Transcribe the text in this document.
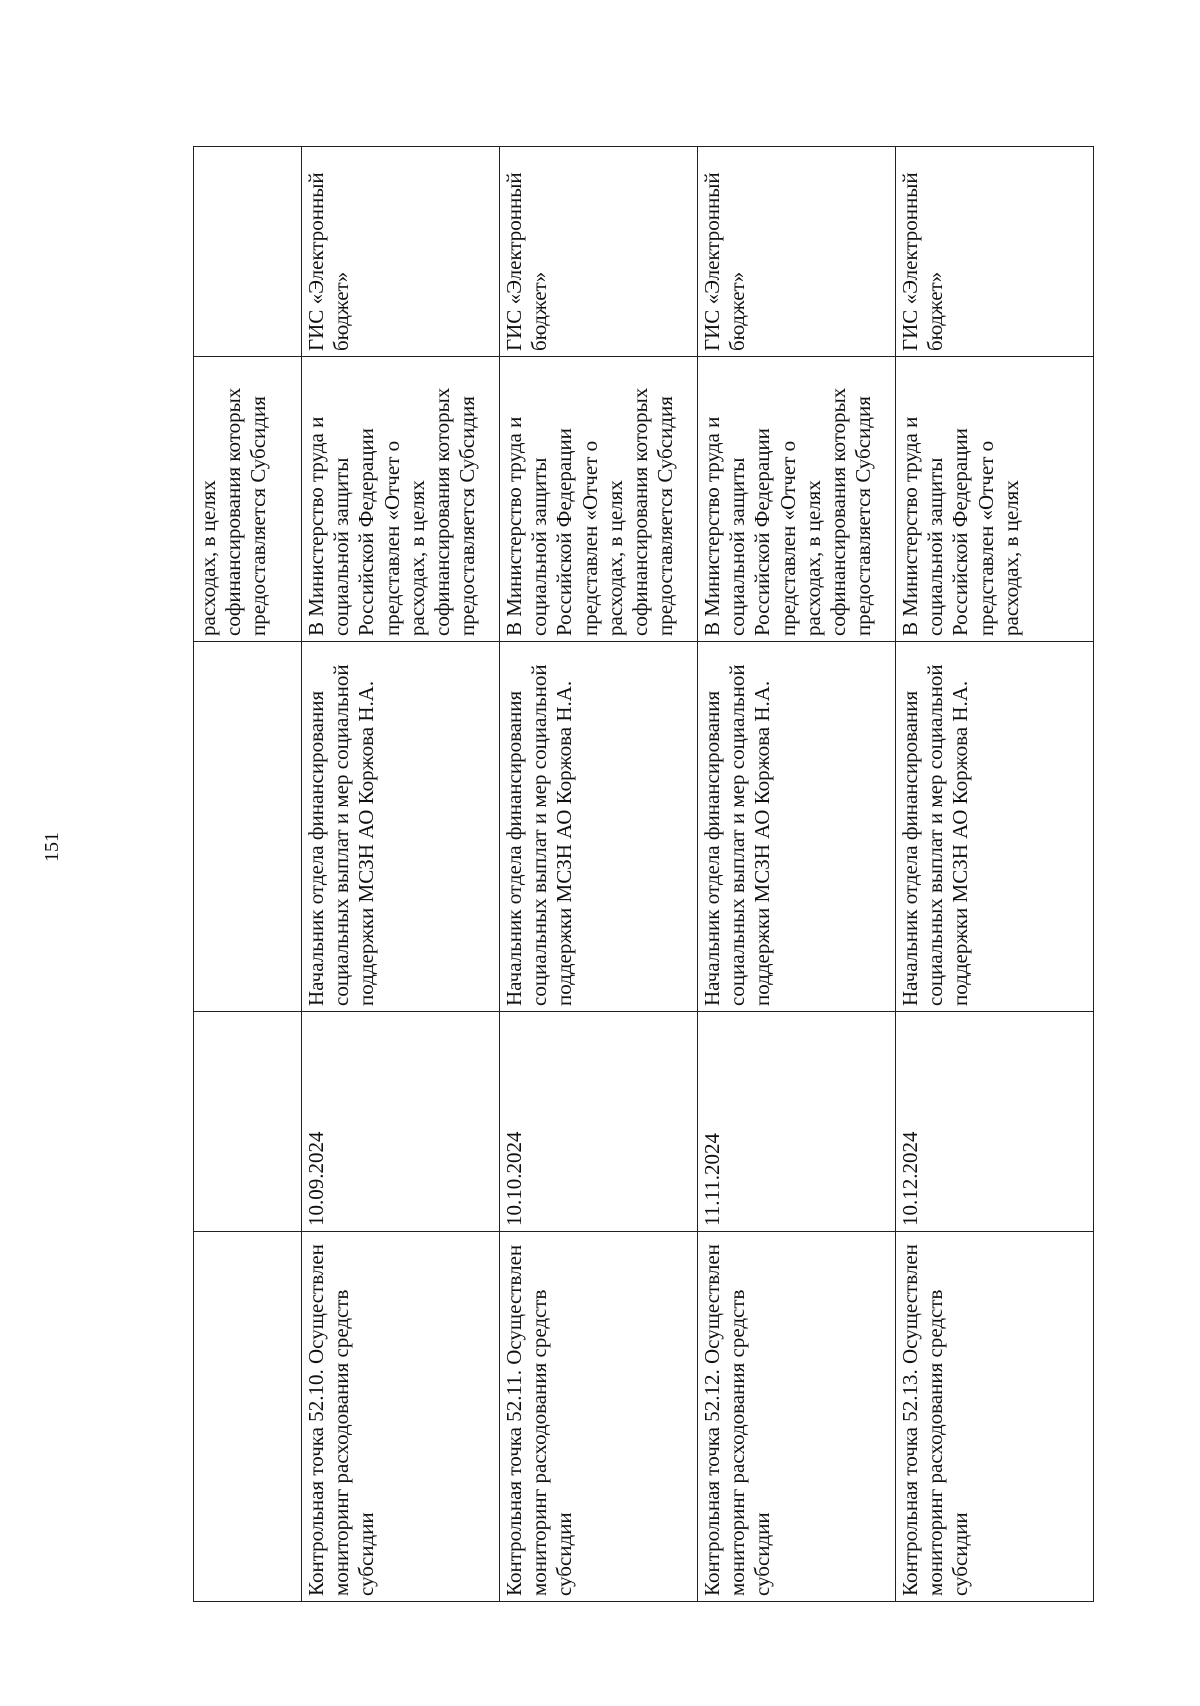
151

			расходах, в целях софинансирования которых предоставляется Субсидия	

Контрольная точка 52.10. Осуществлен мониторинг расходования средств субсидии	10.09.2024	Начальник отдела финансирования социальных выплат и мер социальной поддержки МСЗН АО Коржова Н.А.	В Министерство труда и социальной защиты Российской Федерации представлен «Отчет о расходах, в целях софинансирования которых предоставляется Субсидия	ГИС «Электронный бюджет»

Контрольная точка 52.11. Осуществлен мониторинг расходования средств субсидии	10.10.2024	Начальник отдела финансирования социальных выплат и мер социальной поддержки МСЗН АО Коржова Н.А.	В Министерство труда и социальной защиты Российской Федерации представлен «Отчет о расходах, в целях софинансирования которых предоставляется Субсидия	ГИС «Электронный бюджет»

Контрольная точка 52.12. Осуществлен мониторинг расходования средств субсидии	11.11.2024	Начальник отдела финансирования социальных выплат и мер социальной поддержки МСЗН АО Коржова Н.А.	В Министерство труда и социальной защиты Российской Федерации представлен «Отчет о расходах, в целях софинансирования которых предоставляется Субсидия	ГИС «Электронный бюджет»

Контрольная точка 52.13. Осуществлен мониторинг расходования средств субсидии	10.12.2024	Начальник отдела финансирования социальных выплат и мер социальной поддержки МСЗН АО Коржова Н.А.	В Министерство труда и социальной защиты Российской Федерации представлен «Отчет о расходах, в целях	ГИС «Электронный бюджет»
